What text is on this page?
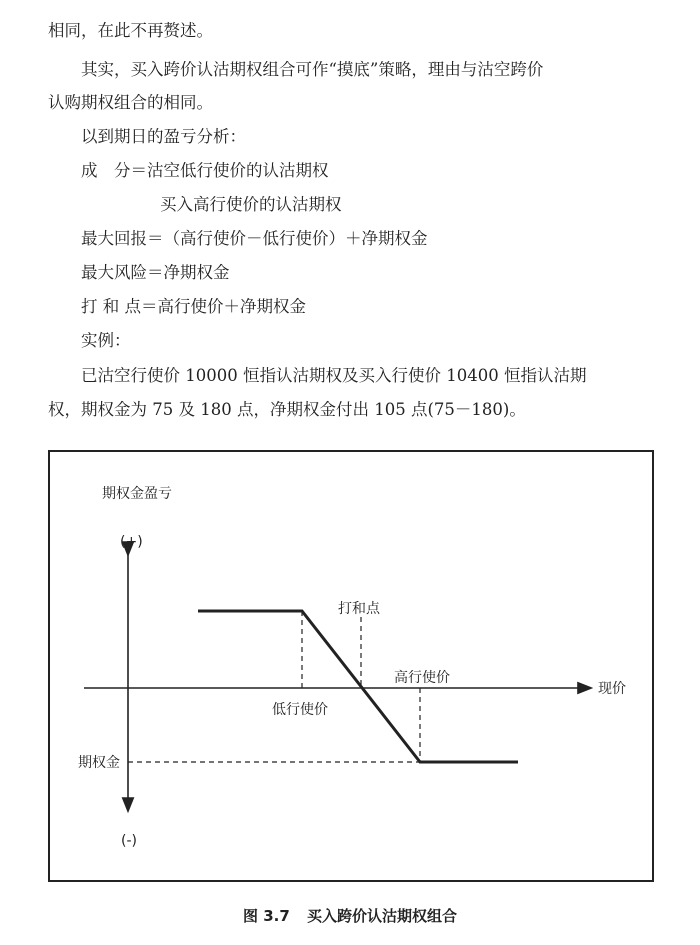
相同，在此不再赘述。
其实，买入跨价认沽期权组合可作“摸底”策略，理由与沽空跨价
认购期权组合的相同。
以到期日的盈亏分析：
成　分＝沽空低行使价的认沽期权
买入高行使价的认沽期权
最大回报＝（高行使价－低行使价）＋净期权金
最大风险＝净期权金
打 和 点＝高行使价＋净期权金
实例：
已沽空行使价 10000 恒指认沽期权及买入行使价 10400 恒指认沽期
权，期权金为 75 及 180 点，净期权金付出 105 点(75－180)。
期权金盈亏
(+)
(-)
现价
打和点
高行使价
低行使价
期权金
图 3.7 买入跨价认沽期权组合
